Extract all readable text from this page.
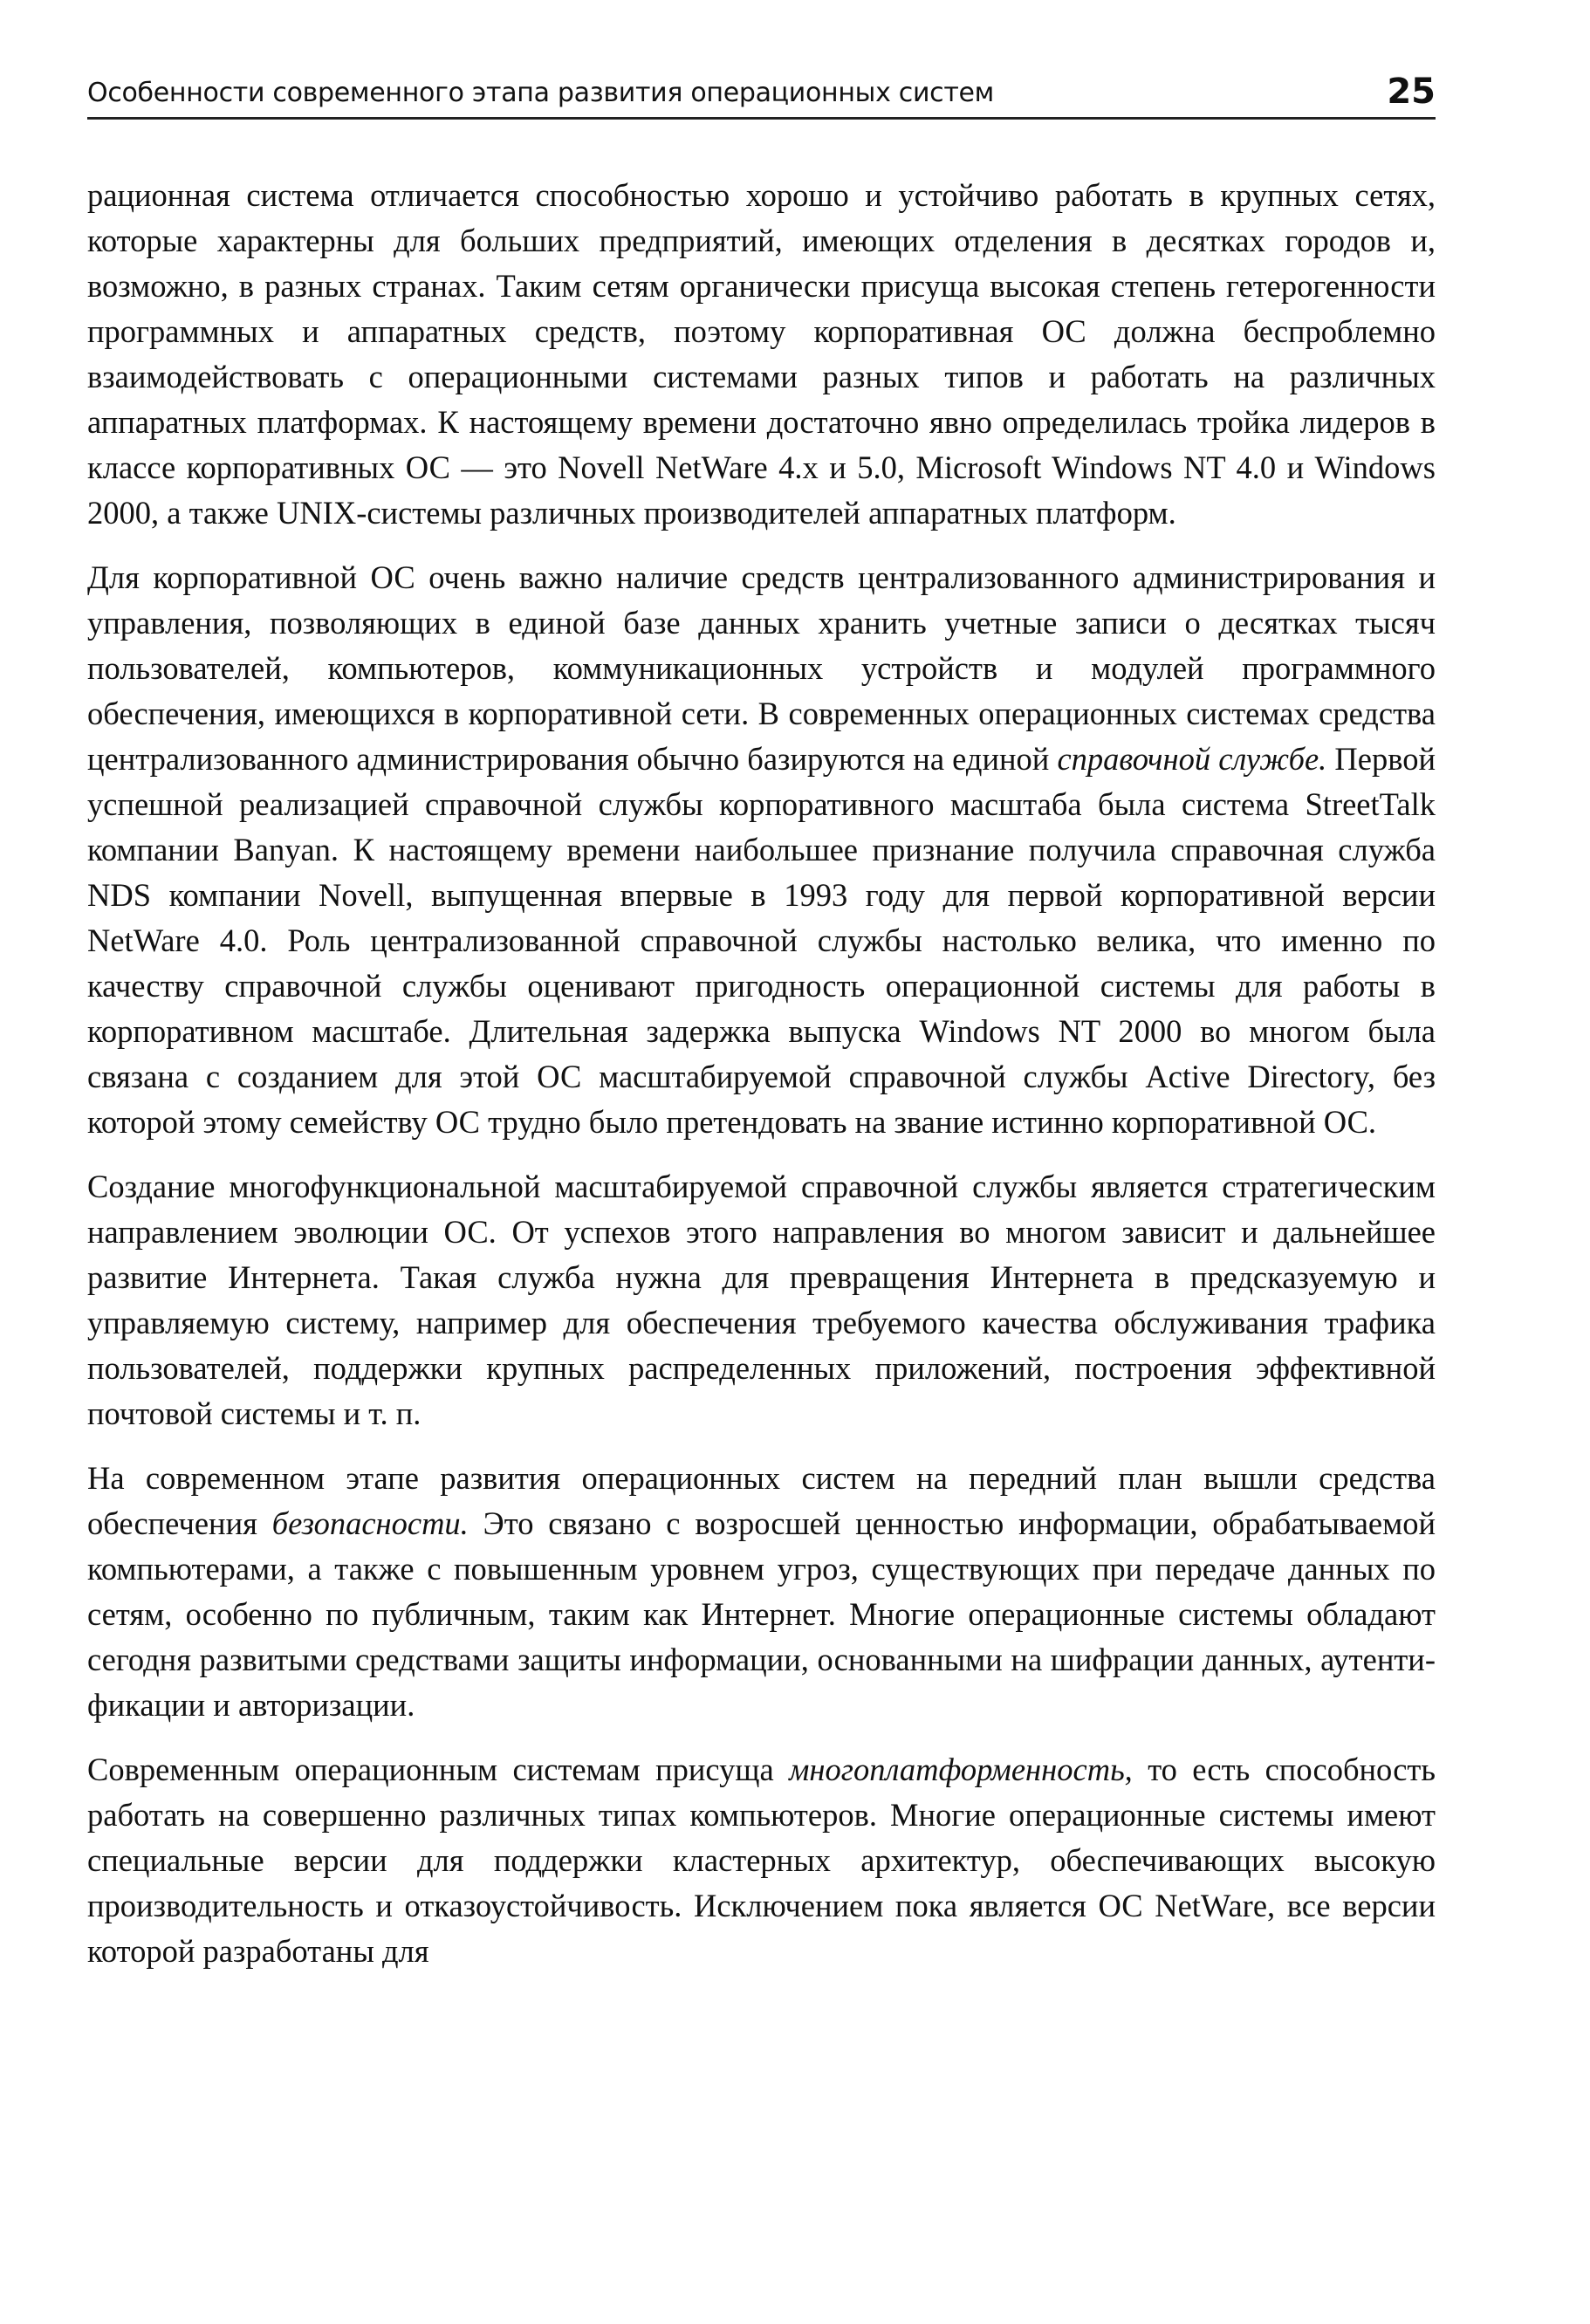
Особенности современного этапа развития операционных систем	25

рационная система отличается способностью хорошо и устойчиво работать в крупных сетях, которые характерны для больших предприятий, имеющих отделения в десятках городов и, возможно, в разных странах. Таким сетям органически присуща высокая степень гетерогенности программных и аппаратных средств, поэтому корпоративная ОС должна беспроблемно взаимодействовать с операционными системами разных типов и работать на различных аппаратных платформах. К настоящему времени достаточно явно определилась тройка лидеров в классе корпоративных ОС — это Novell NetWare 4.x и 5.0, Microsoft Windows NT 4.0 и Windows 2000, а также UNIX-системы различных производителей аппаратных платформ.

Для корпоративной ОС очень важно наличие средств централизованного администрирования и управления, позволяющих в единой базе данных хранить учетные записи о десятках тысяч пользователей, компьютеров, коммуникационных устройств и модулей программного обеспечения, имеющихся в корпоративной сети. В современных операционных системах средства централизованного администрирования обычно базируются на единой справочной службе. Первой успешной реализацией справочной службы корпоративного масштаба была система StreetTalk компании Banyan. К настоящему времени наибольшее признание получила справочная служба NDS компании Novell, выпущенная впервые в 1993 году для первой корпоративной версии NetWare 4.0. Роль централизованной справочной службы настолько велика, что именно по качеству справочной службы оценивают пригодность операционной системы для работы в корпоративном масштабе. Длительная задержка выпуска Windows NT 2000 во многом была связана с созданием для этой ОС масштабируемой справочной службы Active Directory, без которой этому семейству ОС трудно было претендовать на звание истинно корпоративной ОС.

Создание многофункциональной масштабируемой справочной службы является стратегическим направлением эволюции ОС. От успехов этого направления во многом зависит и дальнейшее развитие Интернета. Такая служба нужна для превращения Интернета в предсказуемую и управляемую систему, например для обеспечения требуемого качества обслуживания трафика пользователей, поддержки крупных распределенных приложений, построения эффективной почтовой системы и т. п.

На современном этапе развития операционных систем на передний план вышли средства обеспечения безопасности. Это связано с возросшей ценностью информации, обрабатываемой компьютерами, а также с повышенным уровнем угроз, существующих при передаче данных по сетям, особенно по публичным, таким как Интернет. Многие операционные системы обладают сегодня развитыми средствами защиты информации, основанными на шифрации данных, аутентификации и авторизации.

Современным операционным системам присуща многоплатформенность, то есть способность работать на совершенно различных типах компьютеров. Многие операционные системы имеют специальные версии для поддержки кластерных архитектур, обеспечивающих высокую производительность и отказоустойчивость. Исключением пока является ОС NetWare, все версии которой разработаны для
